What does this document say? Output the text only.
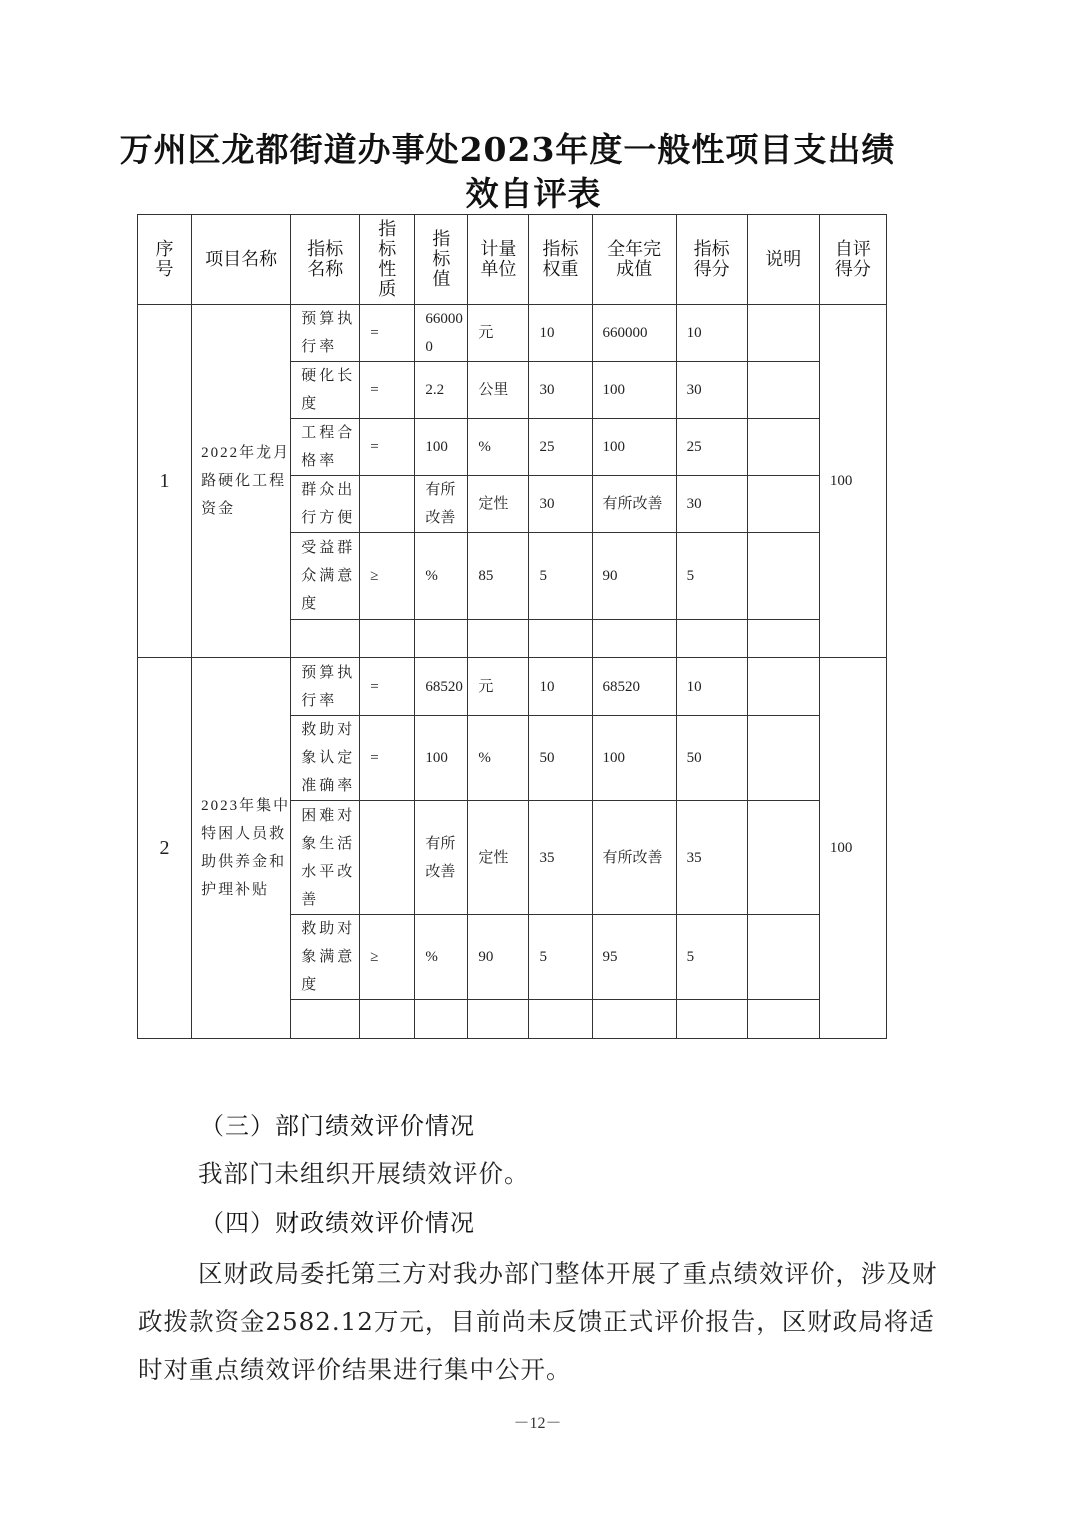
万州区龙都街道办事处2023年度一般性项目支出绩
效自评表
序号	项目名称	指标名称	指标性质	指标值	计量单位	指标权重	全年完成值	指标得分	说明	自评得分

1	2022年龙月路硬化工程资金	预算执行率	=	660000	元	10	660000	10		100
		硬化长度	=	2.2	公里	30	100	30		
		工程合格率	=	100	%	25	100	25		
		群众出行方便		有所改善	定性	30	有所改善	30		
		受益群众满意度	≥	%	85	5	90	5		

2	2023年集中特困人员救助供养金和护理补贴	预算执行率	=	68520	元	10	68520	10		100
		救助对象认定准确率	=	100	%	50	100	50		
		困难对象生活水平改善		有所改善	定性	35	有所改善	35		
		救助对象满意度	≥	%	90	5	95	5		

（三）部门绩效评价情况
我部门未组织开展绩效评价。
（四）财政绩效评价情况
区财政局委托第三方对我办部门整体开展了重点绩效评价，涉及财政拨款资金2582.12万元，目前尚未反馈正式评价报告，区财政局将适时对重点绩效评价结果进行集中公开。
－12－
